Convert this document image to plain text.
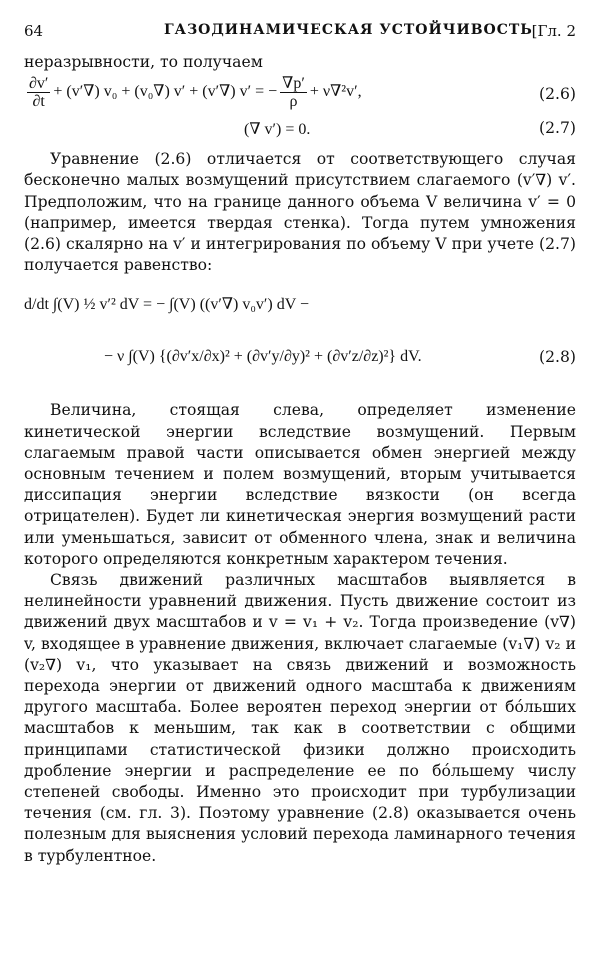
64	ГАЗОДИНАМИЧЕСКАЯ УСТОЙЧИВОСТЬ
[Гл. 2

неразрывности, то получаем

$\frac{\partial v'}{\partial t} + (v'\nabla) v_0 + (v_0\nabla) v' + (v'\nabla) v'$ = − $\frac{\nabla p'}{\rho} + \nu\nabla^2v'$,	(2.6)
(∇ v′) = 0.	(2.7)

Уравнение (2.6) отличается от соответствующего случая бесконечно малых возмущений присутствием слагаемого (v′∇) v′. Предположим, что на границе данного объема V величина v′ = 0 (например, имеется твердая стенка). Тогда путем умножения (2.6) скалярно на v′ и интегрирования по объему V при учете (2.7) получается равенство:

d/dt ∫(V) ½ v′² dV = − ∫(V) ((v′∇) v₀v′) dV −
− ν ∫(V) {(∂v′x/∂x)² + (∂v′y/∂y)² + (∂v′z/∂z)²} dV.	(2.8)

Величина, стоящая слева, определяет изменение кинетической энергии вследствие возмущений. Первым слагаемым правой части описывается обмен энергией между основным течением и полем возмущений, вторым учитывается диссипация энергии вследствие вязкости (он всегда отрицателен). Будет ли кинетическая энергия возмущений расти или уменьшаться, зависит от обменного члена, знак и величина которого определяются конкретным характером течения.

Связь движений различных масштабов выявляется в нелинейности уравнений движения. Пусть движение состоит из движений двух масштабов и v = v₁ + v₂. Тогда произведение (v∇) v, входящее в уравнение движения, включает слагаемые (v₁∇) v₂ и (v₂∇) v₁, что указывает на связь движений и возможность перехода энергии от движений одного масштаба к движениям другого масштаба. Более вероятен переход энергии от бо́льших масштабов к меньшим, так как в соответствии с общими принципами статистической физики должно происходить дробление энергии и распределение ее по бо́льшему числу степеней свободы. Именно это происходит при турбулизации течения (см. гл. 3). Поэтому уравнение (2.8) оказывается очень полезным для выяснения условий перехода ламинарного течения в турбулентное.
